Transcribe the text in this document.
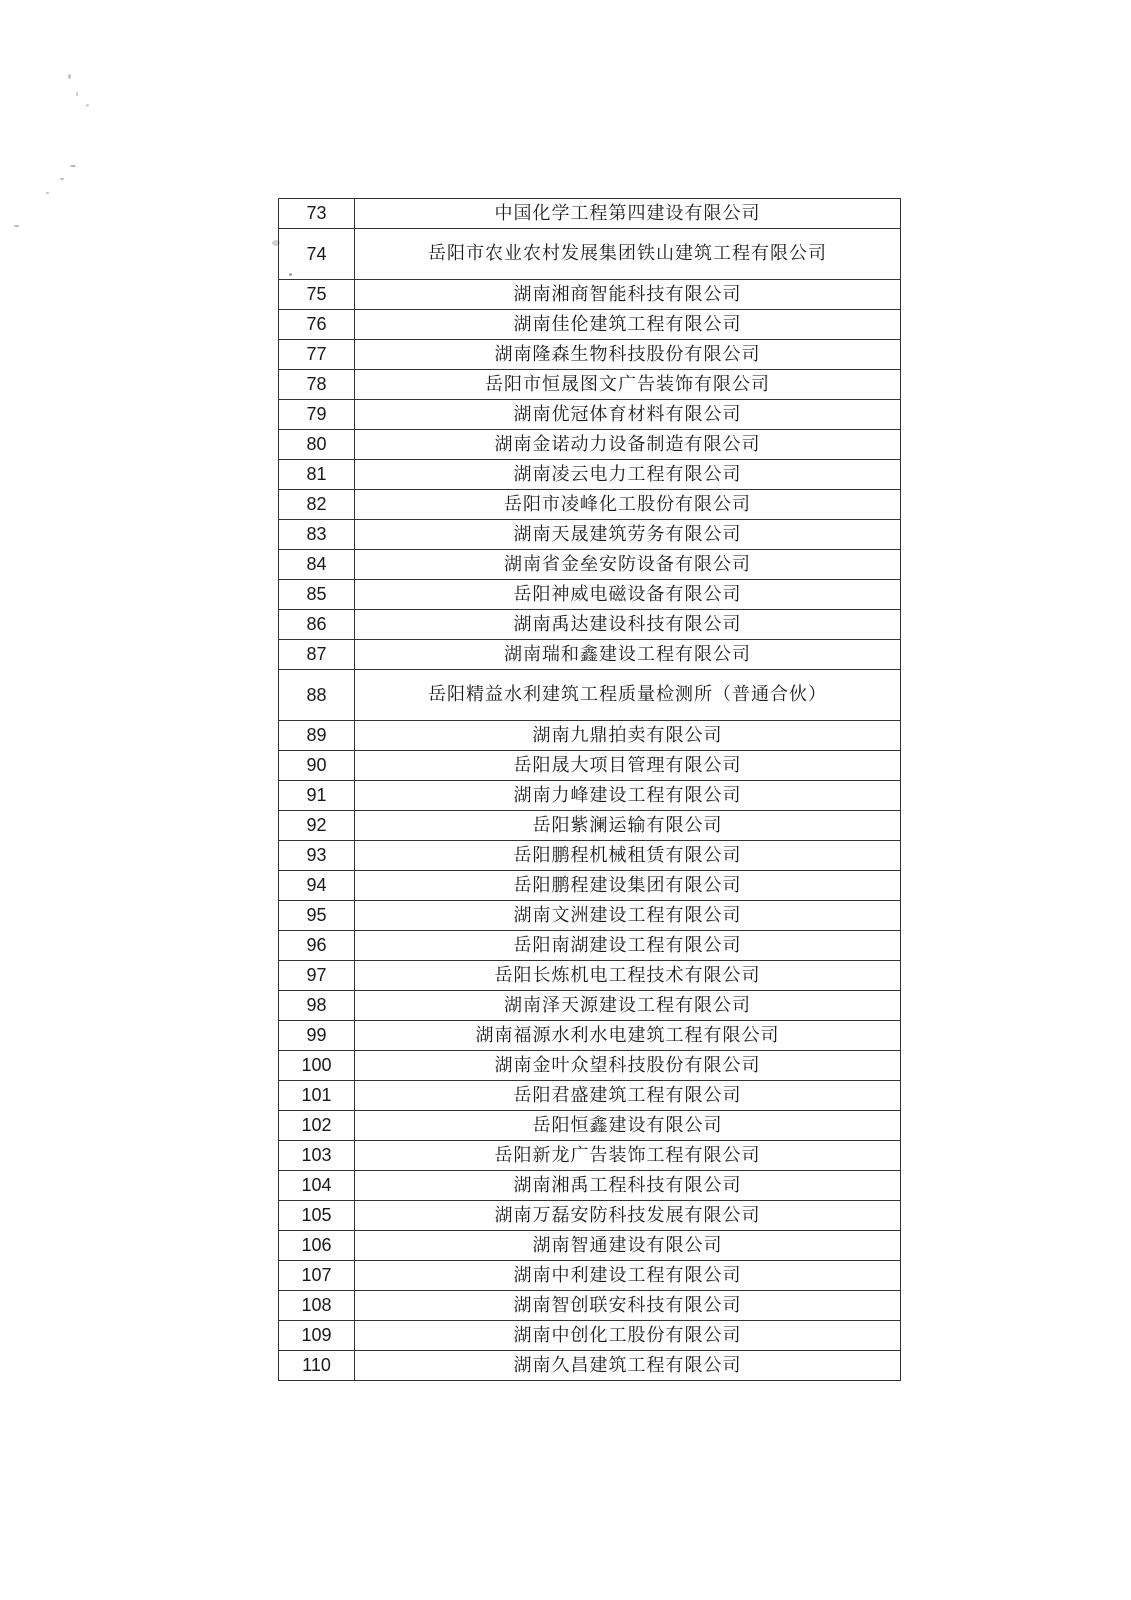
73	中国化学工程第四建设有限公司
74	岳阳市农业农村发展集团铁山建筑工程有限公司
75	湖南湘商智能科技有限公司
76	湖南佳伦建筑工程有限公司
77	湖南隆森生物科技股份有限公司
78	岳阳市恒晟图文广告装饰有限公司
79	湖南优冠体育材料有限公司
80	湖南金诺动力设备制造有限公司
81	湖南凌云电力工程有限公司
82	岳阳市凌峰化工股份有限公司
83	湖南天晟建筑劳务有限公司
84	湖南省金垒安防设备有限公司
85	岳阳神威电磁设备有限公司
86	湖南禹达建设科技有限公司
87	湖南瑞和鑫建设工程有限公司
88	岳阳精益水利建筑工程质量检测所（普通合伙）
89	湖南九鼎拍卖有限公司
90	岳阳晟大项目管理有限公司
91	湖南力峰建设工程有限公司
92	岳阳紫澜运输有限公司
93	岳阳鹏程机械租赁有限公司
94	岳阳鹏程建设集团有限公司
95	湖南文洲建设工程有限公司
96	岳阳南湖建设工程有限公司
97	岳阳长炼机电工程技术有限公司
98	湖南泽天源建设工程有限公司
99	湖南福源水利水电建筑工程有限公司
100	湖南金叶众望科技股份有限公司
101	岳阳君盛建筑工程有限公司
102	岳阳恒鑫建设有限公司
103	岳阳新龙广告装饰工程有限公司
104	湖南湘禹工程科技有限公司
105	湖南万磊安防科技发展有限公司
106	湖南智通建设有限公司
107	湖南中利建设工程有限公司
108	湖南智创联安科技有限公司
109	湖南中创化工股份有限公司
110	湖南久昌建筑工程有限公司
